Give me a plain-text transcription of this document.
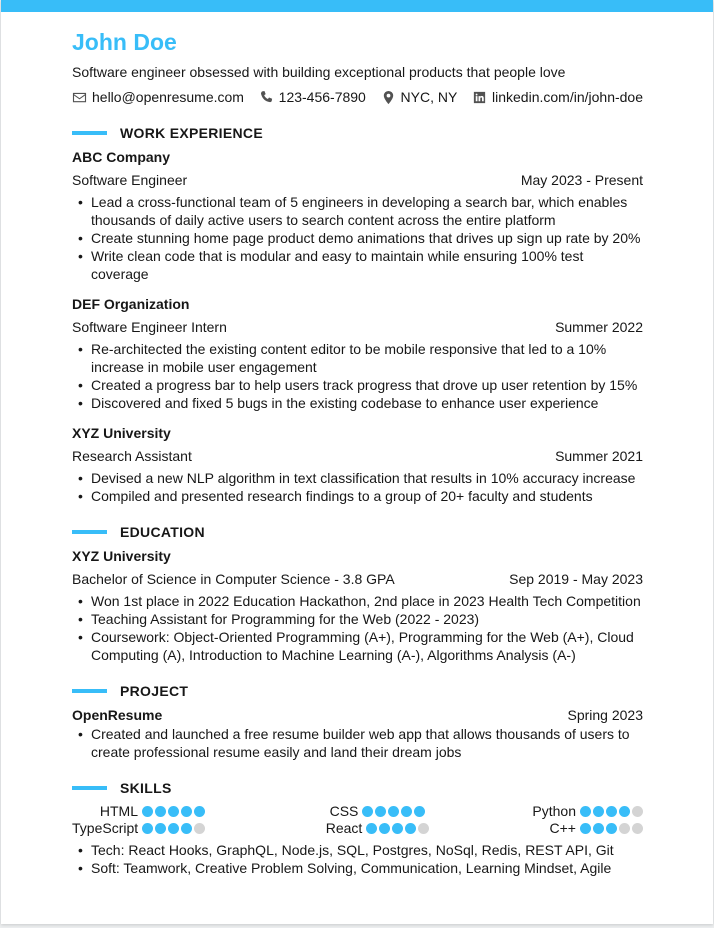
John Doe
Software engineer obsessed with building exceptional products that people love
hello@openresume.com 123-456-7890 NYC, NY linkedin.com/in/john-doe
WORK EXPERIENCE
ABC Company
Software Engineer	May 2023 - Present
• Lead a cross-functional team of 5 engineers in developing a search bar, which enables thousands of daily active users to search content across the entire platform
• Create stunning home page product demo animations that drives up sign up rate by 20%
• Write clean code that is modular and easy to maintain while ensuring 100% test coverage
DEF Organization
Software Engineer Intern	Summer 2022
• Re-architected the existing content editor to be mobile responsive that led to a 10% increase in mobile user engagement
• Created a progress bar to help users track progress that drove up user retention by 15%
• Discovered and fixed 5 bugs in the existing codebase to enhance user experience
XYZ University
Research Assistant	Summer 2021
• Devised a new NLP algorithm in text classification that results in 10% accuracy increase
• Compiled and presented research findings to a group of 20+ faculty and students
EDUCATION
XYZ University
Bachelor of Science in Computer Science - 3.8 GPA	Sep 2019 - May 2023
• Won 1st place in 2022 Education Hackathon, 2nd place in 2023 Health Tech Competition
• Teaching Assistant for Programming for the Web (2022 - 2023)
• Coursework: Object-Oriented Programming (A+), Programming for the Web (A+), Cloud Computing (A), Introduction to Machine Learning (A-), Algorithms Analysis (A-)
PROJECT
OpenResume	Spring 2023
• Created and launched a free resume builder web app that allows thousands of users to create professional resume easily and land their dream jobs
SKILLS
HTML	CSS	Python
TypeScript	React	C++
• Tech: React Hooks, GraphQL, Node.js, SQL, Postgres, NoSql, Redis, REST API, Git
• Soft: Teamwork, Creative Problem Solving, Communication, Learning Mindset, Agile
